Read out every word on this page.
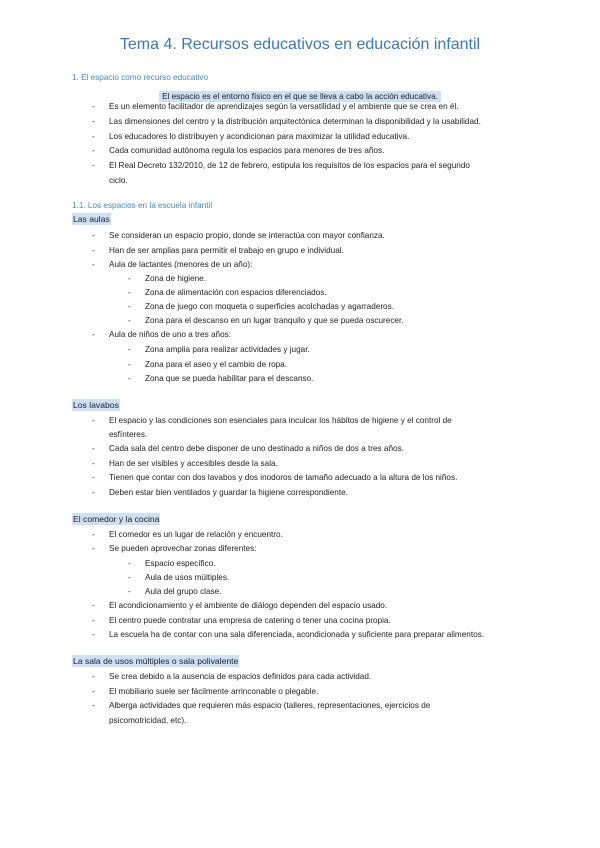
Tema 4. Recursos educativos en educación infantil
1. El espacio como recurso educativo
El espacio es el entorno físico en el que se lleva a cabo la acción educativa.
- Es un elemento facilitador de aprendizajes según la versatilidad y el ambiente que se crea en él.
- Las dimensiones del centro y la distribución arquitectónica determinan la disponibilidad y la usabilidad.
- Los educadores lo distribuyen y acondicionan para maximizar la utilidad educativa.
- Cada comunidad autónoma regula los espacios para menores de tres años.
- El Real Decreto 132/2010, de 12 de febrero, estipula los requisitos de los espacios para el segundo
ciclo.
1.1. Los espacios en la escuela infantil
Las aulas
- Se consideran un espacio propio, donde se interactúa con mayor confianza.
- Han de ser amplias para permitir el trabajo en grupo e individual.
- Aula de lactantes (menores de un año):
- Zona de higiene.
- Zona de alimentación con espacios diferenciados.
- Zona de juego con moqueta o superficies acolchadas y agarraderos.
- Zona para el descanso en un lugar tranquilo y que se pueda oscurecer.
- Aula de niños de uno a tres años:
- Zona amplia para realizar actividades y jugar.
- Zona para el aseo y el cambio de ropa.
- Zona que se pueda habilitar para el descanso.
Los lavabos
- El espacio y las condiciones son esenciales para inculcar los hábitos de higiene y el control de
esfínteres.
- Cada sala del centro debe disponer de uno destinado a niños de dos a tres años.
- Han de ser visibles y accesibles desde la sala.
- Tienen que contar con dos lavabos y dos inodoros de tamaño adecuado a la altura de los niños.
- Deben estar bien ventilados y guardar la higiene correspondiente.
El comedor y la cocina
- El comedor es un lugar de relación y encuentro.
- Se pueden aprovechar zonas diferentes:
- Espacio específico.
- Aula de usos múltiples.
- Aula del grupo clase.
- El acondicionamiento y el ambiente de diálogo dependen del espacio usado.
- El centro puede contratar una empresa de catering o tener una cocina propia.
- La escuela ha de contar con una sala diferenciada, acondicionada y suficiente para preparar alimentos.
La sala de usos múltiples o sala polivalente
- Se crea debido a la ausencia de espacios definidos para cada actividad.
- El mobiliario suele ser fácilmente arrinconable o plegable.
- Alberga actividades que requieren más espacio (talleres, representaciones, ejercicios de
psicomotricidad, etc).
